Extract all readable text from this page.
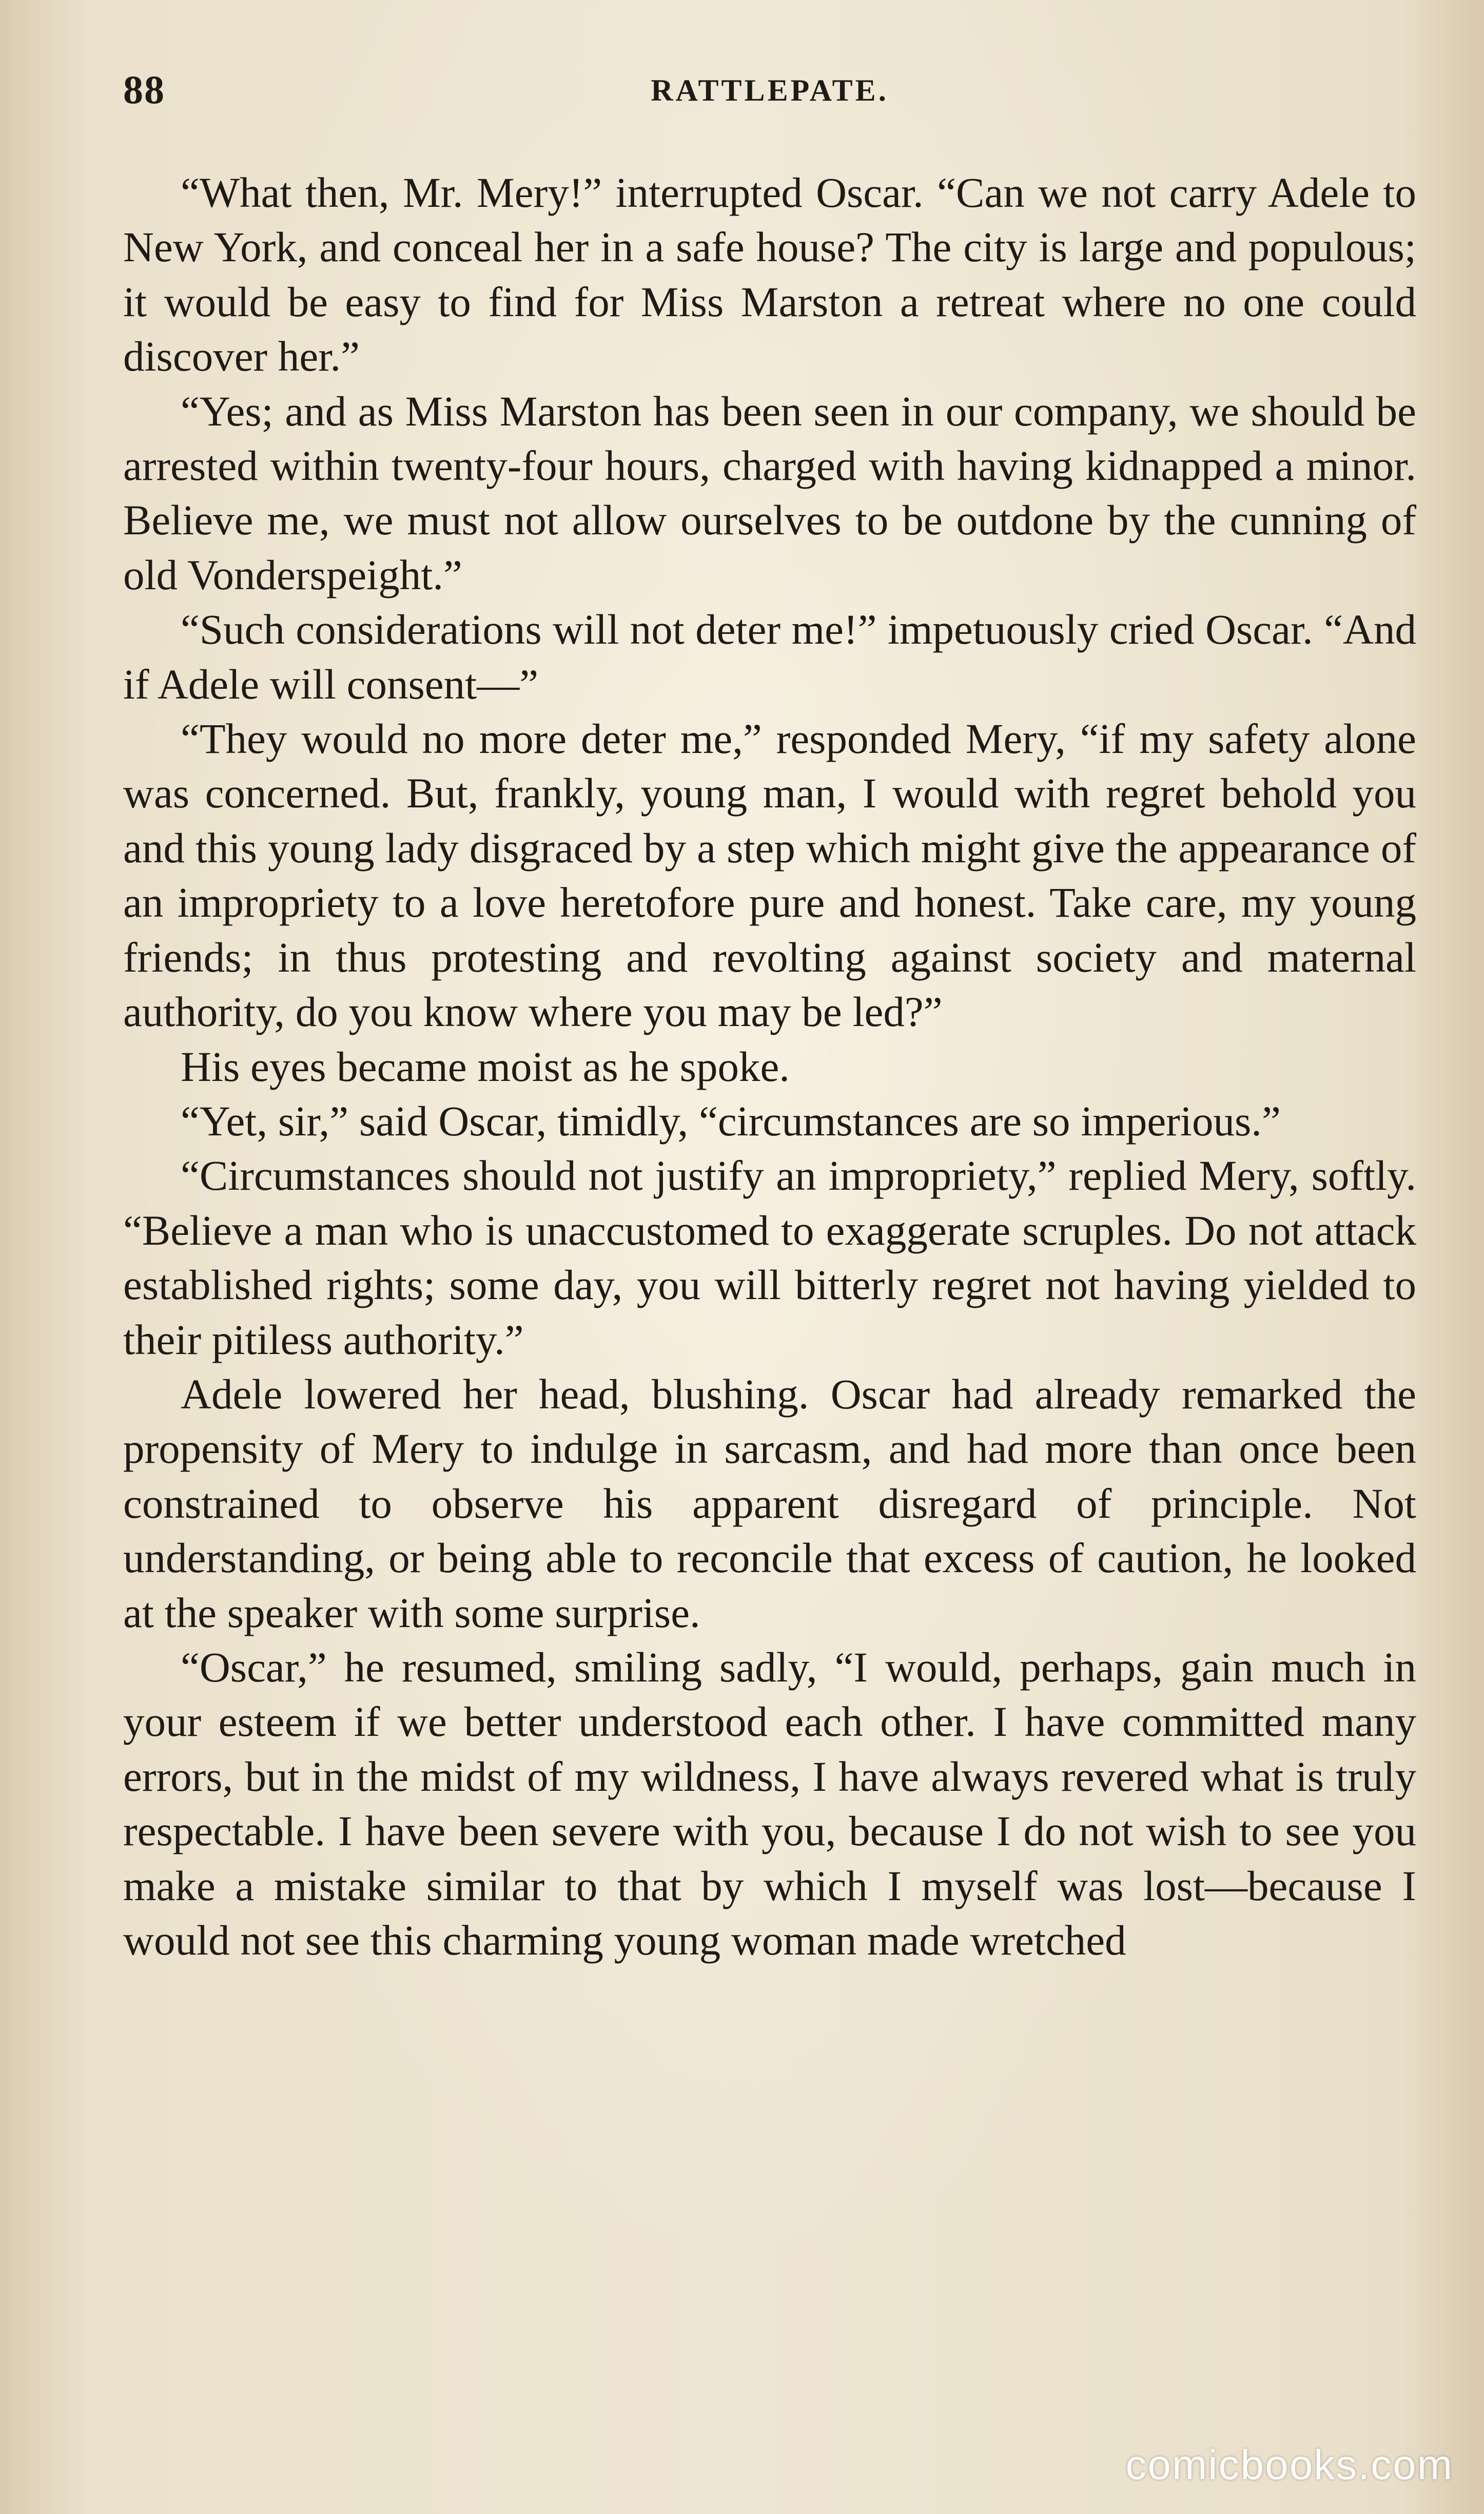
88	RATTLEPATE.

“What then, Mr. Mery!” interrupted Oscar. “Can we not carry Adele to New York, and conceal her in a safe house? The city is large and populous; it would be easy to find for Miss Marston a retreat where no one could discover her.”

“Yes; and as Miss Marston has been seen in our company, we should be arrested within twenty-four hours, charged with having kidnapped a minor. Believe me, we must not allow ourselves to be outdone by the cunning of old Vonderspeight.”

“Such considerations will not deter me!” impetuously cried Oscar. “And if Adele will consent—”

“They would no more deter me,” responded Mery, “if my safety alone was concerned. But, frankly, young man, I would with regret behold you and this young lady disgraced by a step which might give the appearance of an impropriety to a love heretofore pure and honest. Take care, my young friends; in thus protesting and revolting against society and maternal authority, do you know where you may be led?”

His eyes became moist as he spoke.

“Yet, sir,” said Oscar, timidly, “circumstances are so imperious.”

“Circumstances should not justify an impropriety,” replied Mery, softly. “Believe a man who is unaccustomed to exaggerate scruples. Do not attack established rights; some day, you will bitterly regret not having yielded to their pitiless authority.”

Adele lowered her head, blushing. Oscar had already remarked the propensity of Mery to indulge in sarcasm, and had more than once been constrained to observe his apparent disregard of principle. Not understanding, or being able to reconcile that excess of caution, he looked at the speaker with some surprise.

“Oscar,” he resumed, smiling sadly, “I would, perhaps, gain much in your esteem if we better understood each other. I have committed many errors, but in the midst of my wildness, I have always revered what is truly respectable. I have been severe with you, because I do not wish to see you make a mistake similar to that by which I myself was lost—because I would not see this charming young woman made wretched

comicbooks.com
